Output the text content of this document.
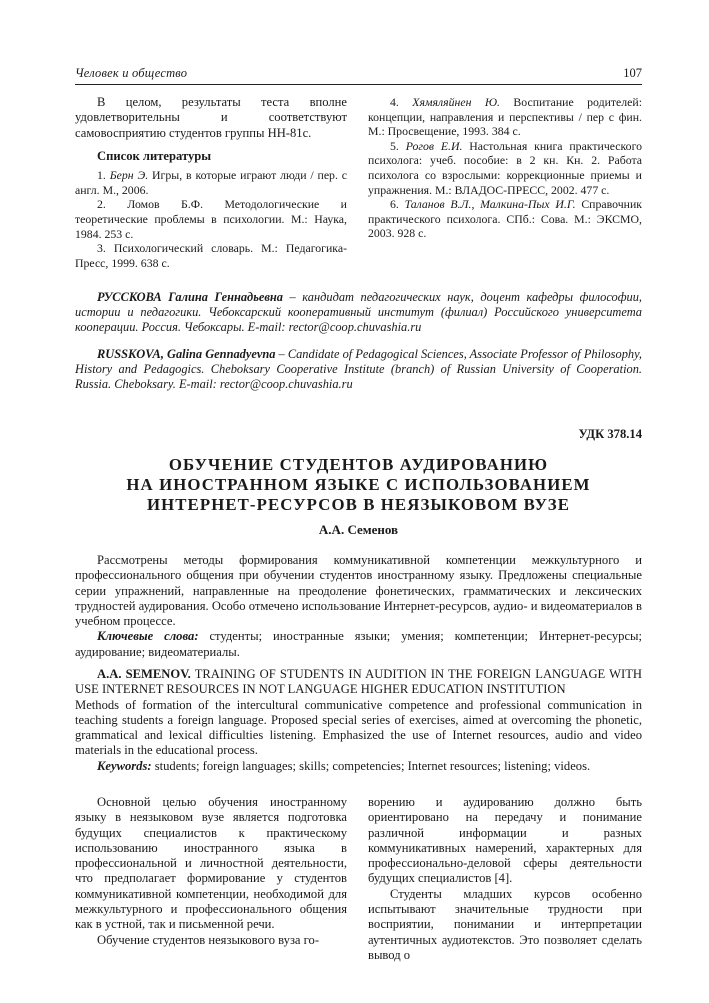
Человек и общество	107

В целом, результаты теста вполне удовлетворительны и соответствуют самовосприятию студентов группы НН-81с.

Список литературы

1. Берн Э. Игры, в которые играют люди / пер. с англ. М., 2006.

2. Ломов Б.Ф. Методологические и теоретические проблемы в психологии. М.: Наука, 1984. 253 с.

3. Психологический словарь. М.: Педагогика-Пресс, 1999. 638 с.

4. Хямяляйнен Ю. Воспитание родителей: концепции, направления и перспективы / пер с фин. М.: Просвещение, 1993. 384 с.

5. Рогов Е.И. Настольная книга практического психолога: учеб. пособие: в 2 кн. Кн. 2. Работа психолога со взрослыми: коррекционные приемы и упражнения. М.: ВЛАДОС-ПРЕСС, 2002. 477 с.

6. Таланов В.Л., Малкина-Пых И.Г. Справочник практического психолога. СПб.: Сова. М.: ЭКСМО, 2003. 928 с.

РУССКОВА Галина Геннадьевна – кандидат педагогических наук, доцент кафедры философии, истории и педагогики. Чебоксарский кооперативный институт (филиал) Российского университета кооперации. Россия. Чебоксары. E-mail: rector@coop.chuvashia.ru

RUSSKOVA, Galina Gennadyevna – Candidate of Pedagogical Sciences, Associate Professor of Philosophy, History and Pedagogics. Cheboksary Cooperative Institute (branch) of Russian University of Cooperation. Russia. Cheboksary. E-mail: rector@coop.chuvashia.ru

УДК 378.14
ОБУЧЕНИЕ СТУДЕНТОВ АУДИРОВАНИЮ
НА ИНОСТРАННОМ ЯЗЫКЕ С ИСПОЛЬЗОВАНИЕМ
ИНТЕРНЕТ-РЕСУРСОВ В НЕЯЗЫКОВОМ ВУЗЕ
А.А. Семенов

Рассмотрены методы формирования коммуникативной компетенции межкультурного и профессионального общения при обучении студентов иностранному языку. Предложены специальные серии упражнений, направленные на преодоление фонетических, грамматических и лексических трудностей аудирования. Особо отмечено использование Интернет-ресурсов, аудио- и видеоматериалов в учебном процессе.

Ключевые слова: студенты; иностранные языки; умения; компетенции; Интернет-ресурсы; аудирование; видеоматериалы.

A.A. SEMENOV. TRAINING OF STUDENTS IN AUDITION IN THE FOREIGN LANGUAGE WITH USE INTERNET RESOURCES IN NOT LANGUAGE HIGHER EDUCATION INSTITUTION

Methods of formation of the intercultural communicative competence and professional communication in teaching students a foreign language. Proposed special series of exercises, aimed at overcoming the phonetic, grammatical and lexical difficulties listening. Emphasized the use of Internet resources, audio and video materials in the educational process.

Keywords: students; foreign languages; skills; competencies; Internet resources; listening; videos.

Основной целью обучения иностранному языку в неязыковом вузе является подготовка будущих специалистов к практическому использованию иностранного языка в профессиональной и личностной деятельности, что предполагает формирование у студентов коммуникативной компетенции, необходимой для межкультурного и профессионального общения как в устной, так и письменной речи.

Обучение студентов неязыкового вуза го-

ворению и аудированию должно быть ориентировано на передачу и понимание различной информации и разных коммуникативных намерений, характерных для профессионально-деловой сферы деятельности будущих специалистов [4].

Студенты младших курсов особенно испытывают значительные трудности при восприятии, понимании и интерпретации аутентичных аудиотекстов. Это позволяет сделать вывод о
